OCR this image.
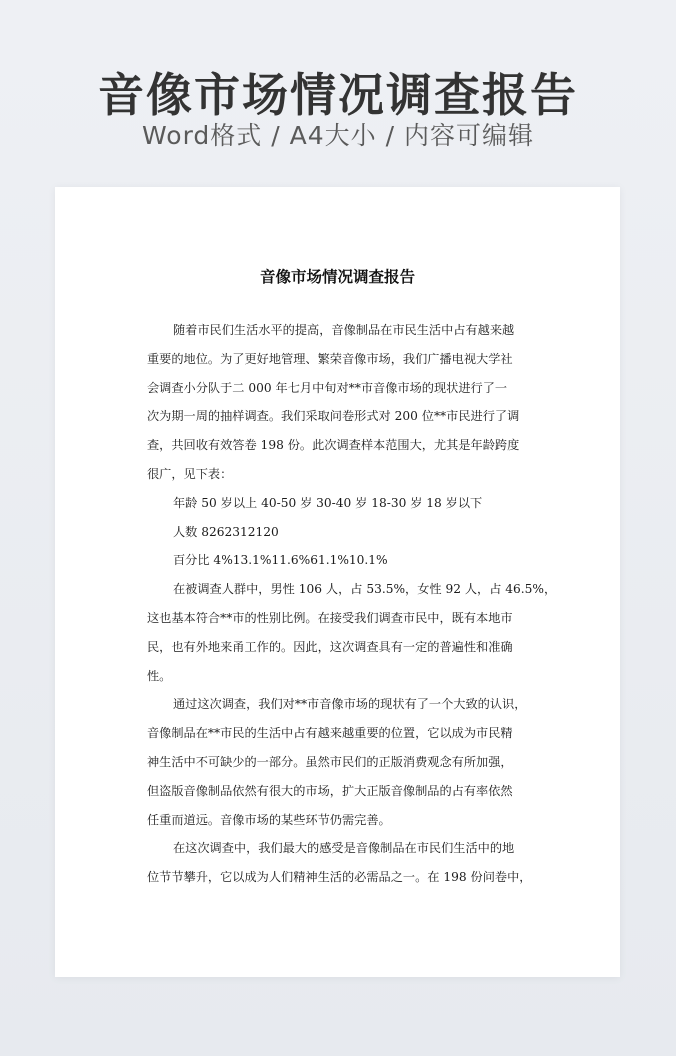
音像市场情况调查报告
Word格式 / A4大小 / 内容可编辑
音像市场情况调查报告
随着市民们生活水平的提高，音像制品在市民生活中占有越来越
重要的地位。为了更好地管理、繁荣音像市场，我们广播电视大学社
会调查小分队于二 000 年七月中旬对**市音像市场的现状进行了一
次为期一周的抽样调查。我们采取问卷形式对 200 位**市民进行了调
查，共回收有效答卷 198 份。此次调查样本范围大，尤其是年龄跨度
很广，见下表：
年龄 50 岁以上 40-50 岁 30-40 岁 18-30 岁 18 岁以下
人数 8262312120
百分比 4%13.1%11.6%61.1%10.1%
在被调查人群中，男性 106 人，占 53.5%，女性 92 人，占 46.5%，
这也基本符合**市的性别比例。在接受我们调查市民中，既有本地市
民，也有外地来甬工作的。因此，这次调查具有一定的普遍性和准确
性。
通过这次调查，我们对**市音像市场的现状有了一个大致的认识，
音像制品在**市民的生活中占有越来越重要的位置，它以成为市民精
神生活中不可缺少的一部分。虽然市民们的正版消费观念有所加强，
但盗版音像制品依然有很大的市场，扩大正版音像制品的占有率依然
任重而道远。音像市场的某些环节仍需完善。
在这次调查中，我们最大的感受是音像制品在市民们生活中的地
位节节攀升，它以成为人们精神生活的必需品之一。在 198 份问卷中，
